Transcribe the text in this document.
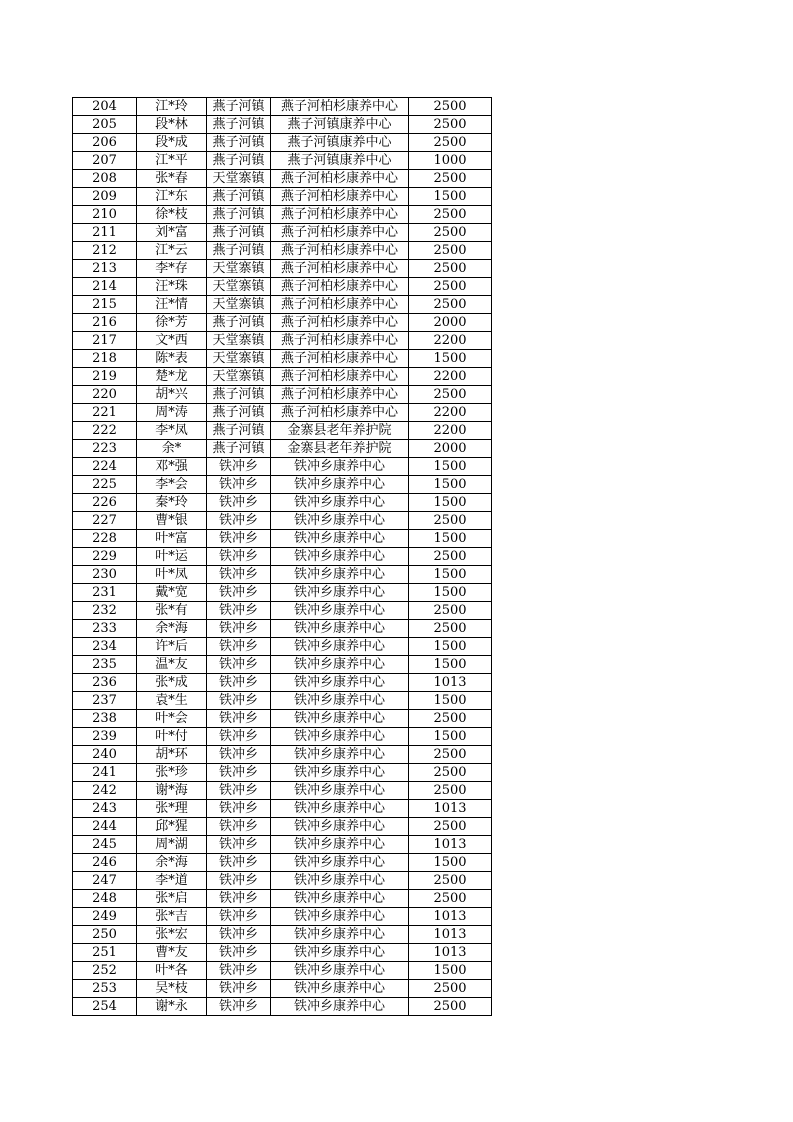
204	江*玲	燕子河镇	燕子河柏杉康养中心	2500
205	段*林	燕子河镇	燕子河镇康养中心	2500
206	段*成	燕子河镇	燕子河镇康养中心	2500
207	江*平	燕子河镇	燕子河镇康养中心	1000
208	张*春	天堂寨镇	燕子河柏杉康养中心	2500
209	江*东	燕子河镇	燕子河柏杉康养中心	1500
210	徐*枝	燕子河镇	燕子河柏杉康养中心	2500
211	刘*富	燕子河镇	燕子河柏杉康养中心	2500
212	江*云	燕子河镇	燕子河柏杉康养中心	2500
213	李*存	天堂寨镇	燕子河柏杉康养中心	2500
214	汪*珠	天堂寨镇	燕子河柏杉康养中心	2500
215	汪*情	天堂寨镇	燕子河柏杉康养中心	2500
216	徐*芳	燕子河镇	燕子河柏杉康养中心	2000
217	文*西	天堂寨镇	燕子河柏杉康养中心	2200
218	陈*表	天堂寨镇	燕子河柏杉康养中心	1500
219	楚*龙	天堂寨镇	燕子河柏杉康养中心	2200
220	胡*兴	燕子河镇	燕子河柏杉康养中心	2500
221	周*涛	燕子河镇	燕子河柏杉康养中心	2200
222	李*凤	燕子河镇	金寨县老年养护院	2200
223	余*	燕子河镇	金寨县老年养护院	2000
224	邓*强	铁冲乡	铁冲乡康养中心	1500
225	李*会	铁冲乡	铁冲乡康养中心	1500
226	秦*玲	铁冲乡	铁冲乡康养中心	1500
227	曹*银	铁冲乡	铁冲乡康养中心	2500
228	叶*富	铁冲乡	铁冲乡康养中心	1500
229	叶*运	铁冲乡	铁冲乡康养中心	2500
230	叶*凤	铁冲乡	铁冲乡康养中心	1500
231	戴*宽	铁冲乡	铁冲乡康养中心	1500
232	张*有	铁冲乡	铁冲乡康养中心	2500
233	余*海	铁冲乡	铁冲乡康养中心	2500
234	许*后	铁冲乡	铁冲乡康养中心	1500
235	温*友	铁冲乡	铁冲乡康养中心	1500
236	张*成	铁冲乡	铁冲乡康养中心	1013
237	袁*生	铁冲乡	铁冲乡康养中心	1500
238	叶*会	铁冲乡	铁冲乡康养中心	2500
239	叶*付	铁冲乡	铁冲乡康养中心	1500
240	胡*环	铁冲乡	铁冲乡康养中心	2500
241	张*珍	铁冲乡	铁冲乡康养中心	2500
242	谢*海	铁冲乡	铁冲乡康养中心	2500
243	张*理	铁冲乡	铁冲乡康养中心	1013
244	邱*猩	铁冲乡	铁冲乡康养中心	2500
245	周*湖	铁冲乡	铁冲乡康养中心	1013
246	余*海	铁冲乡	铁冲乡康养中心	1500
247	李*道	铁冲乡	铁冲乡康养中心	2500
248	张*启	铁冲乡	铁冲乡康养中心	2500
249	张*吉	铁冲乡	铁冲乡康养中心	1013
250	张*宏	铁冲乡	铁冲乡康养中心	1013
251	曹*友	铁冲乡	铁冲乡康养中心	1013
252	叶*各	铁冲乡	铁冲乡康养中心	1500
253	吴*枝	铁冲乡	铁冲乡康养中心	2500
254	谢*永	铁冲乡	铁冲乡康养中心	2500
